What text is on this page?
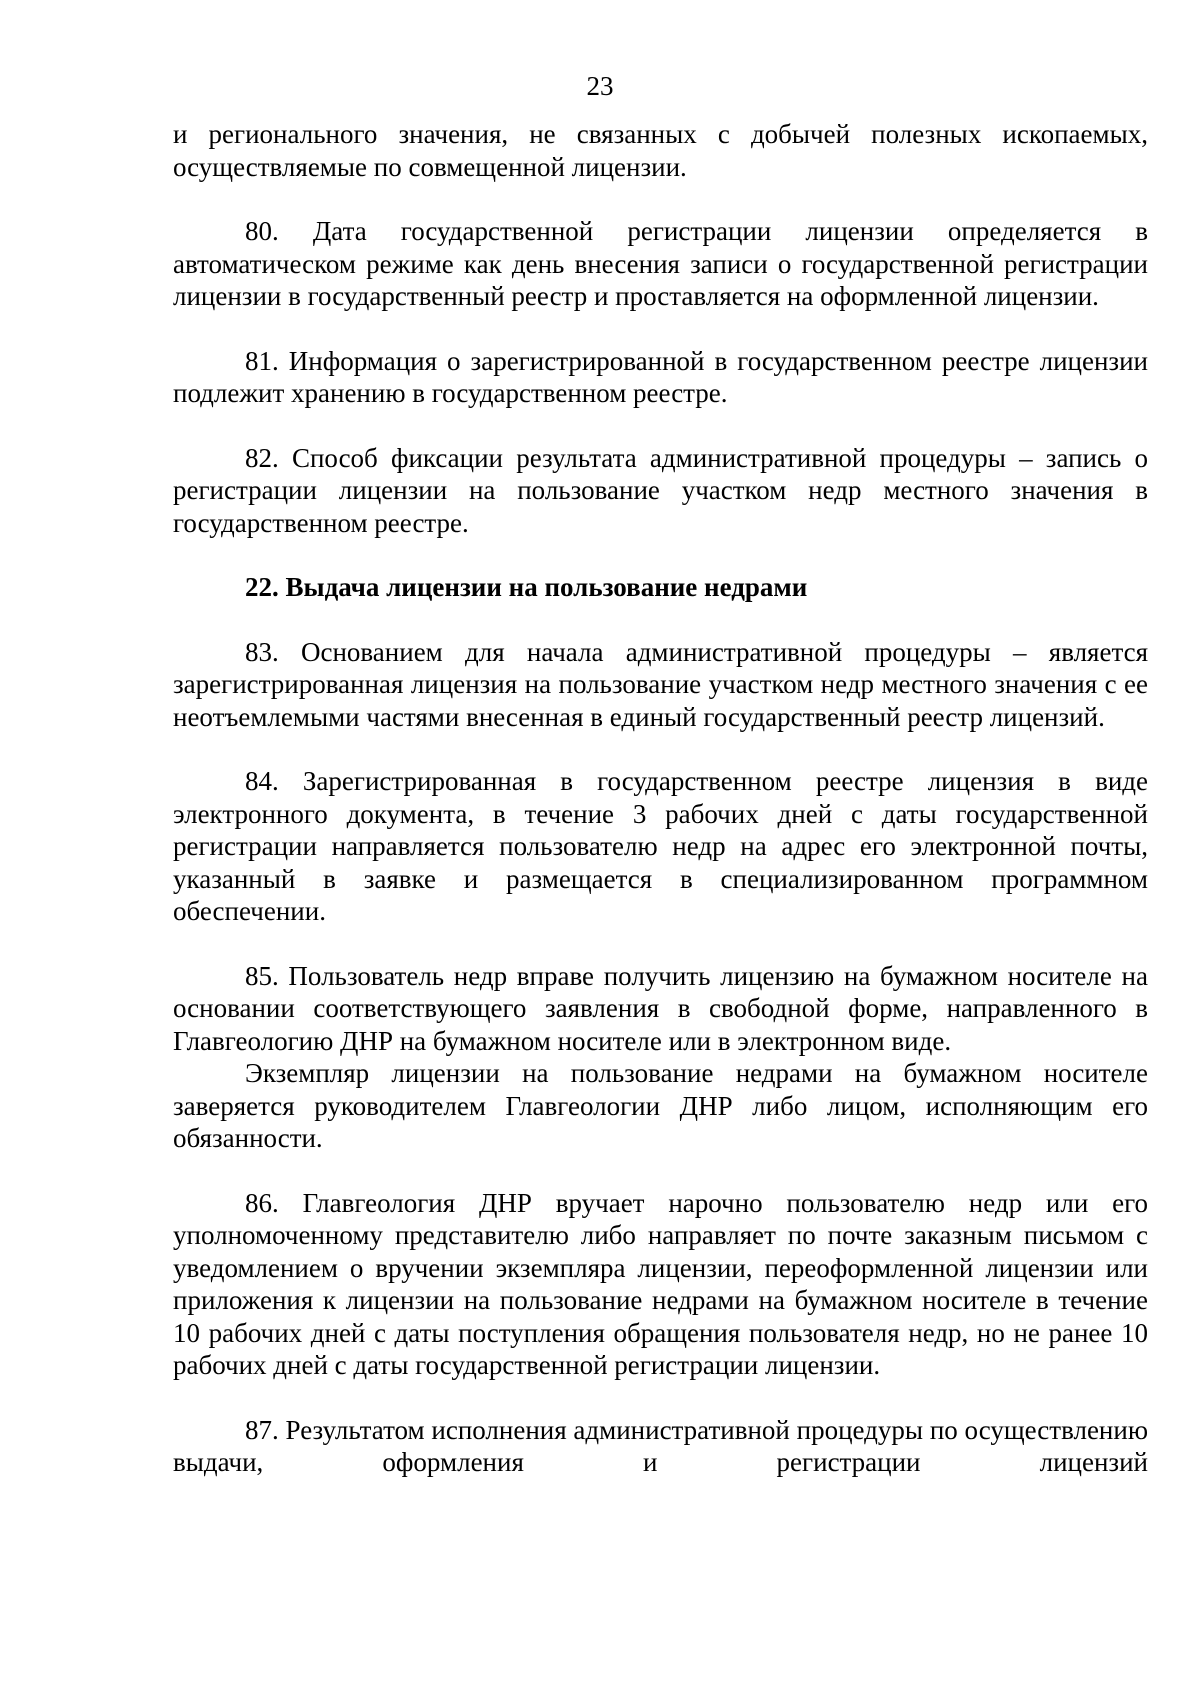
23

и регионального значения, не связанных с добычей полезных ископаемых, осуществляемые по совмещенной лицензии.

80. Дата государственной регистрации лицензии определяется в автоматическом режиме как день внесения записи о государственной регистрации лицензии в государственный реестр и проставляется на оформленной лицензии.

81. Информация о зарегистрированной в государственном реестре лицензии подлежит хранению в государственном реестре.

82. Способ фиксации результата административной процедуры – запись о регистрации лицензии на пользование участком недр местного значения в государственном реестре.

22. Выдача лицензии на пользование недрами

83. Основанием для начала административной процедуры – является зарегистрированная лицензия на пользование участком недр местного значения с ее неотъемлемыми частями внесенная в единый государственный реестр лицензий.

84. Зарегистрированная в государственном реестре лицензия в виде электронного документа, в течение 3 рабочих дней с даты государственной регистрации направляется пользователю недр на адрес его электронной почты, указанный в заявке и размещается в специализированном программном обеспечении.

85. Пользователь недр вправе получить лицензию на бумажном носителе на основании соответствующего заявления в свободной форме, направленного в Главгеологию ДНР на бумажном носителе или в электронном виде.

Экземпляр лицензии на пользование недрами на бумажном носителе заверяется руководителем Главгеологии ДНР либо лицом, исполняющим его обязанности.

86. Главгеология ДНР вручает нарочно пользователю недр или его уполномоченному представителю либо направляет по почте заказным письмом с уведомлением о вручении экземпляра лицензии, переоформленной лицензии или приложения к лицензии на пользование недрами на бумажном носителе в течение 10 рабочих дней с даты поступления обращения пользователя недр, но не ранее 10 рабочих дней с даты государственной регистрации лицензии.

87. Результатом исполнения административной процедуры по осуществлению выдачи, оформления и регистрации лицензий
